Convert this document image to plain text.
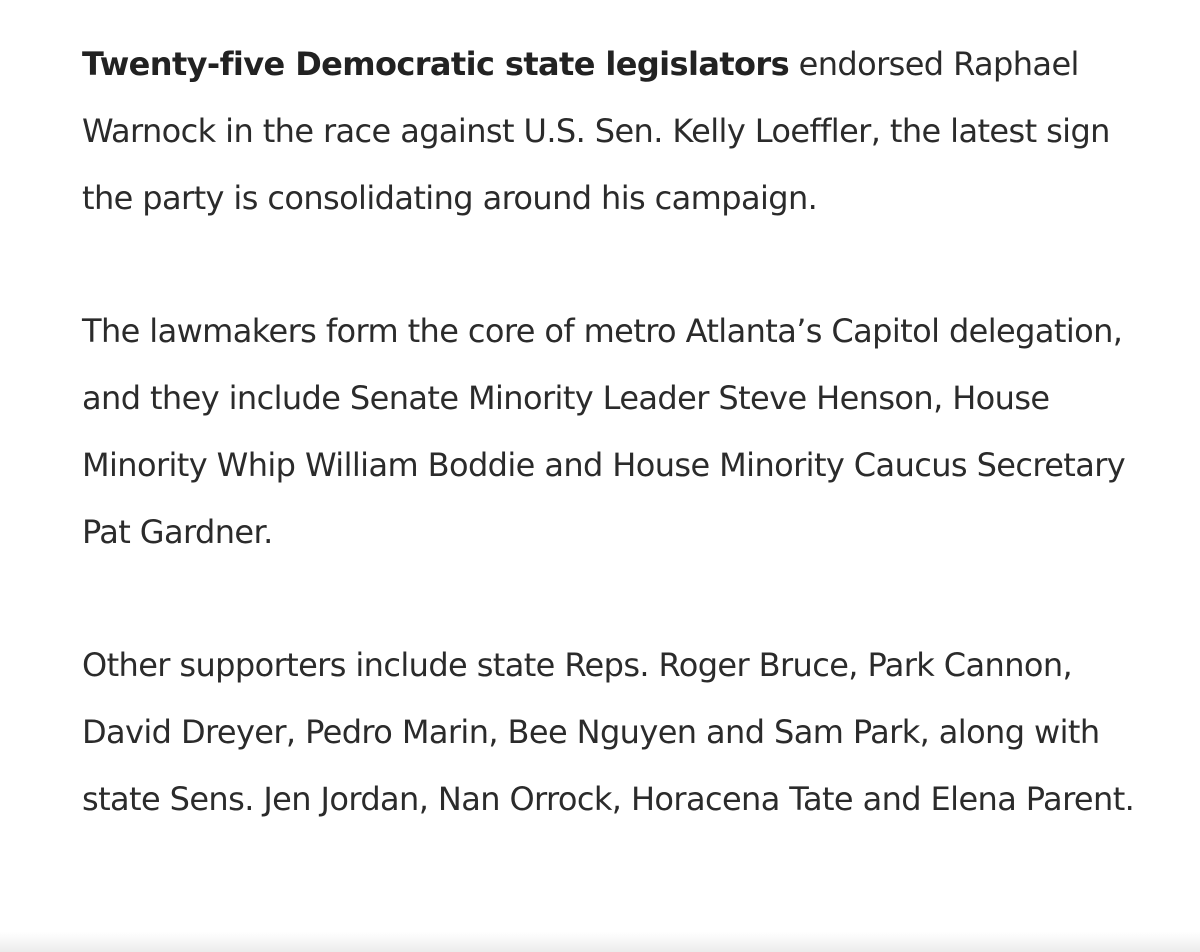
Twenty-five Democratic state legislators endorsed Raphael Warnock in the race against U.S. Sen. Kelly Loeffler, the latest sign the party is consolidating around his campaign.

The lawmakers form the core of metro Atlanta’s Capitol delegation, and they include Senate Minority Leader Steve Henson, House Minority Whip William Boddie and House Minority Caucus Secretary Pat Gardner.

Other supporters include state Reps. Roger Bruce, Park Cannon, David Dreyer, Pedro Marin, Bee Nguyen and Sam Park, along with state Sens. Jen Jordan, Nan Orrock, Horacena Tate and Elena Parent.
